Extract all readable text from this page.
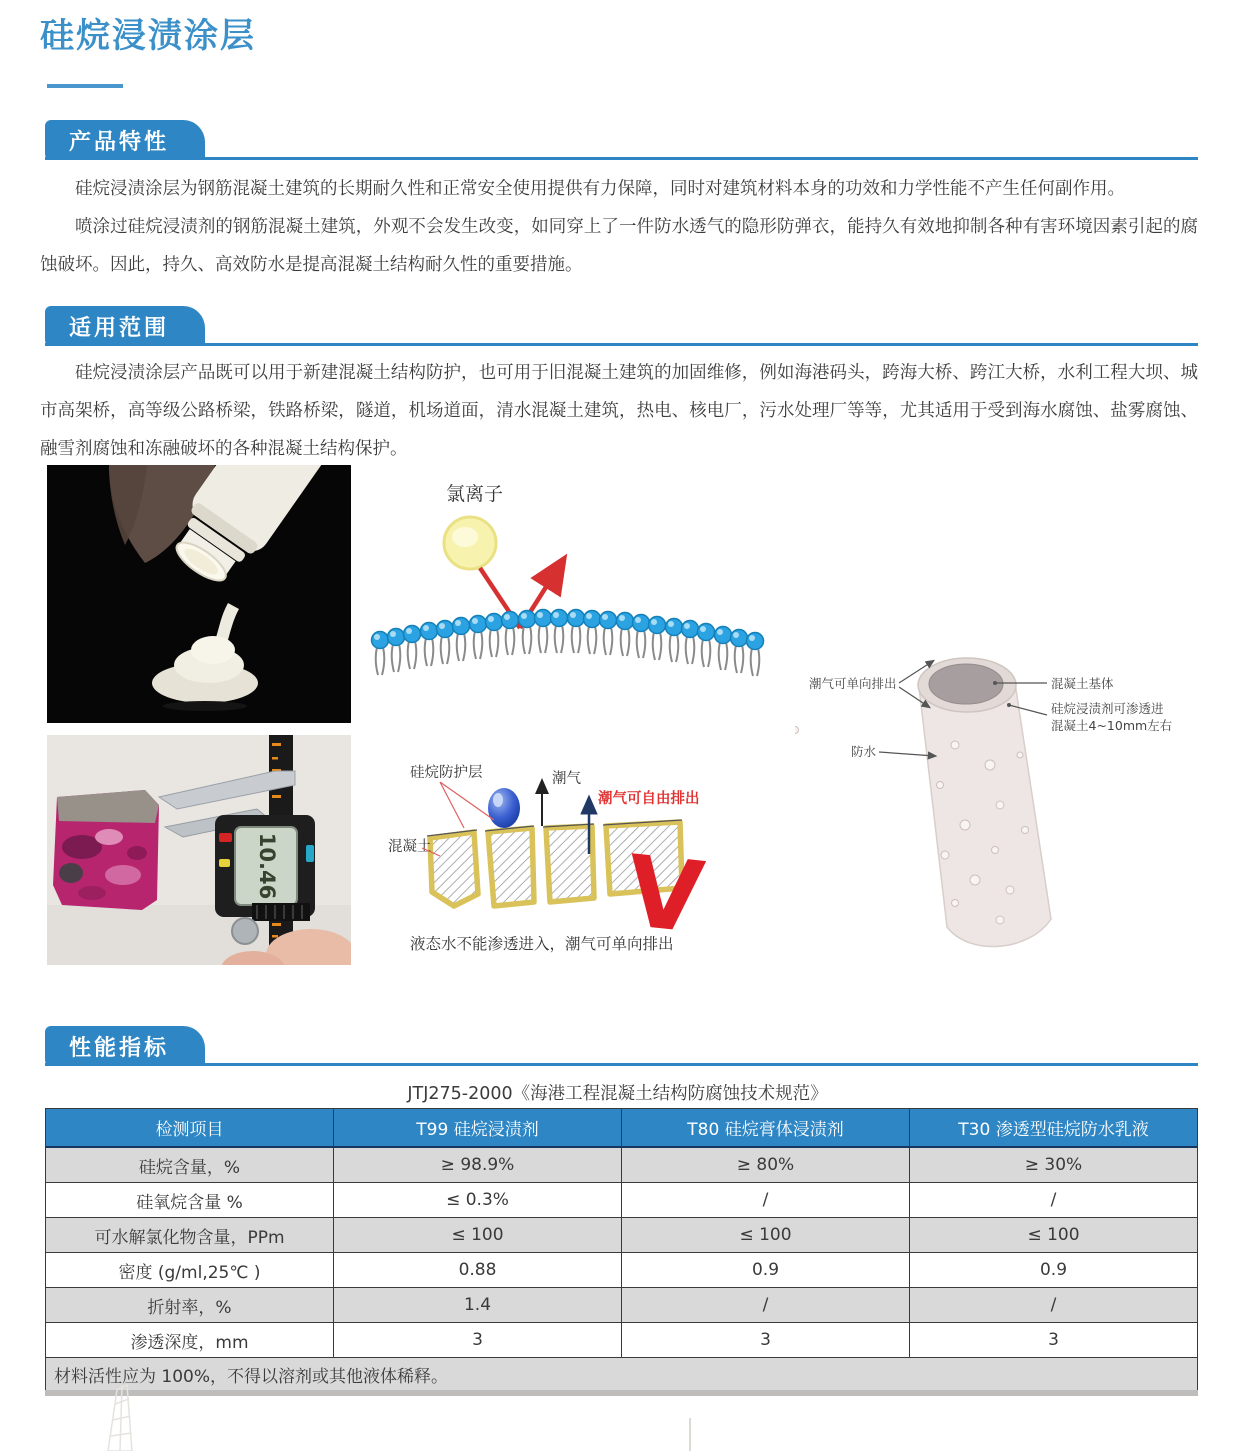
硅烷浸渍涂层
产品特性

硅烷浸渍涂层为钢筋混凝土建筑的长期耐久性和正常安全使用提供有力保障，同时对建筑材料本身的功效和力学性能不产生任何副作用。

喷涂过硅烷浸渍剂的钢筋混凝土建筑，外观不会发生改变，如同穿上了一件防水透气的隐形防弹衣，能持久有效地抑制各种有害环境因素引起的腐蚀破坏。因此，持久、高效防水是提高混凝土结构耐久性的重要措施。

适用范围

硅烷浸渍涂层产品既可以用于新建混凝土结构防护，也可用于旧混凝土建筑的加固维修，例如海港码头，跨海大桥、跨江大桥，水利工程大坝、城市高架桥，高等级公路桥梁，铁路桥梁，隧道，机场道面，清水混凝土建筑，热电、核电厂，污水处理厂等等，尤其适用于受到海水腐蚀、盐雾腐蚀、融雪剂腐蚀和冻融破坏的各种混凝土结构保护。

氯离子
潮气可单向排出	混凝土基体
硅烷浸渍剂可渗透进
混凝土4~10mm左右
防水
10.46
硅烷防护层
混凝土
潮气
潮气可自由排出
V
液态水不能渗透进入，潮气可单向排出
性能指标
JTJ275-2000《海港工程混凝土结构防腐蚀技术规范》
检测项目	T99 硅烷浸渍剂	T80 硅烷膏体浸渍剂	T30 渗透型硅烷防水乳液
硅烷含量，%	≥ 98.9%	≥ 80%	≥ 30%
硅氧烷含量 %	≤ 0.3%	/	/
可水解氯化物含量，PPm	≤ 100	≤ 100	≤ 100
密度 (g/ml,25℃ )	0.88	0.9	0.9
折射率，%	1.4	/	/
渗透深度，mm	3	3	3
材料活性应为 100%，不得以溶剂或其他液体稀释。			
